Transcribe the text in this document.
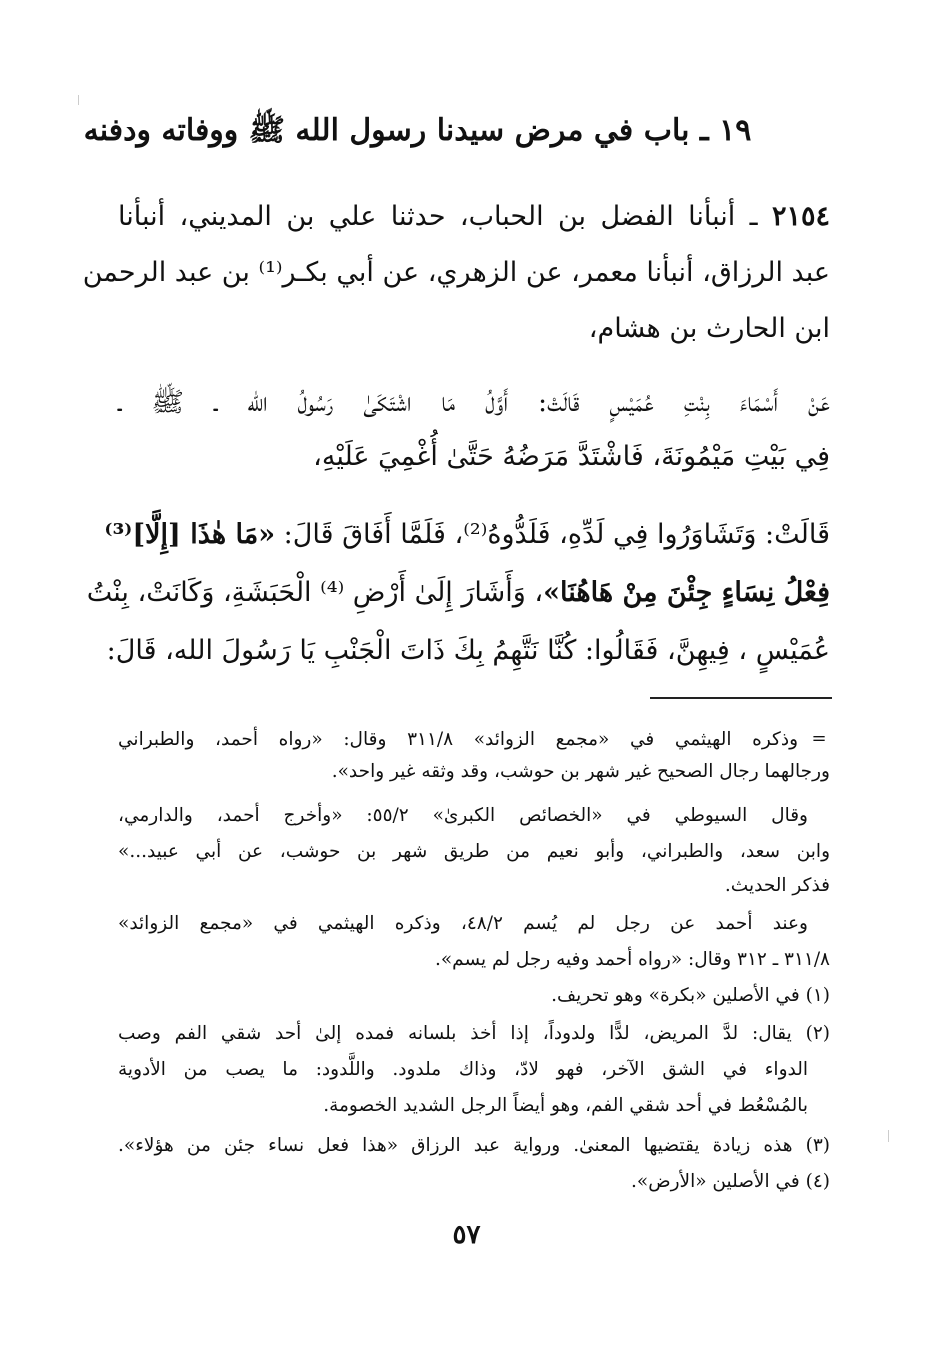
١٩ ـ باب في مرض سيدنا رسول الله ﷺ ووفاته ودفنه
٢١٥٤ ـ أنبأنا الفضل بن الحباب، حدثنا علي بن المديني، أنبأنا
عبد الرزاق، أنبأنا معمر، عن الزهري، عن أبي بكـر⁽¹⁾ بن عبد الرحمن
ابن الحارث بن هشام،
عَنْ أَسْمَاءَ بِنْتِ عُمَيْسٍ قَالَتْ: أَوَّلُ مَا اشْتَكَىٰ رَسُولُ الله ـ ﷺ ـ
فِي بَيْتِ مَيْمُونَةَ، فَاشْتَدَّ مَرَضُهُ حَتَّىٰ أُغْمِيَ عَلَيْهِ،
قَالَتْ: وَتَشَاوَرُوا فِي لَدِّهِ، فَلَدُّوهُ⁽²⁾، فَلَمَّا أَفَاقَ قَالَ: «مَا هٰذَا [إِلَّا]⁽³⁾
فِعْلُ نِسَاءٍ جِئْنَ مِنْ هَاهُنَا»، وَأَشَارَ إِلَىٰ أَرْضِ ⁽⁴⁾ الْحَبَشَةِ، وَكَانَتْ، بِنْتُ
عُمَيْسٍ ، فِيهِنَّ، فَقَالُوا: كُنَّا نَتَّهِمُ بِكَ ذَاتَ الْجَنْبِ يَا رَسُولَ الله، قَالَ:
=
وذكره الهيثمي في «مجمع الزوائد» ٣١١/٨ وقال: «رواه أحمد، والطبراني
ورجالهما رجال الصحيح غير شهر بن حوشب، وقد وثقه غير واحد».
وقال السيوطي في «الخصائص الكبرىٰ» ٥٥/٢: «وأخرج أحمد، والدارمي،
وابن سعد، والطبراني، وأبو نعيم من طريق شهر بن حوشب، عن أبي عبيد...»
فذكر الحديث.
وعند أحمد عن رجل لم يُسم ٤٨/٢، وذكره الهيثمي في «مجمع الزوائد»
٣١١/٨ ـ ٣١٢ وقال: «رواه أحمد وفيه رجل لم يسم».
(١) في الأصلين «بكرة» وهو تحريف.
(٢) يقال: لدَّ المريض، لدًّا ولدوداً، إذا أخذ بلسانه فمده إلىٰ أحد شقي الفم وصب
الدواء في الشق الآخر، فهو لادّ، وذاك ملدود. واللَّدود: ما يصب من الأدوية
بالمُسْعُط في أحد شقي الفم، وهو أيضاً الرجل الشديد الخصومة.
(٣) هذه زيادة يقتضيها المعنىٰ. ورواية عبد الرزاق «هذا فعل نساء جئن من هؤلاء».
(٤) في الأصلين «الأرض».
٥٧
